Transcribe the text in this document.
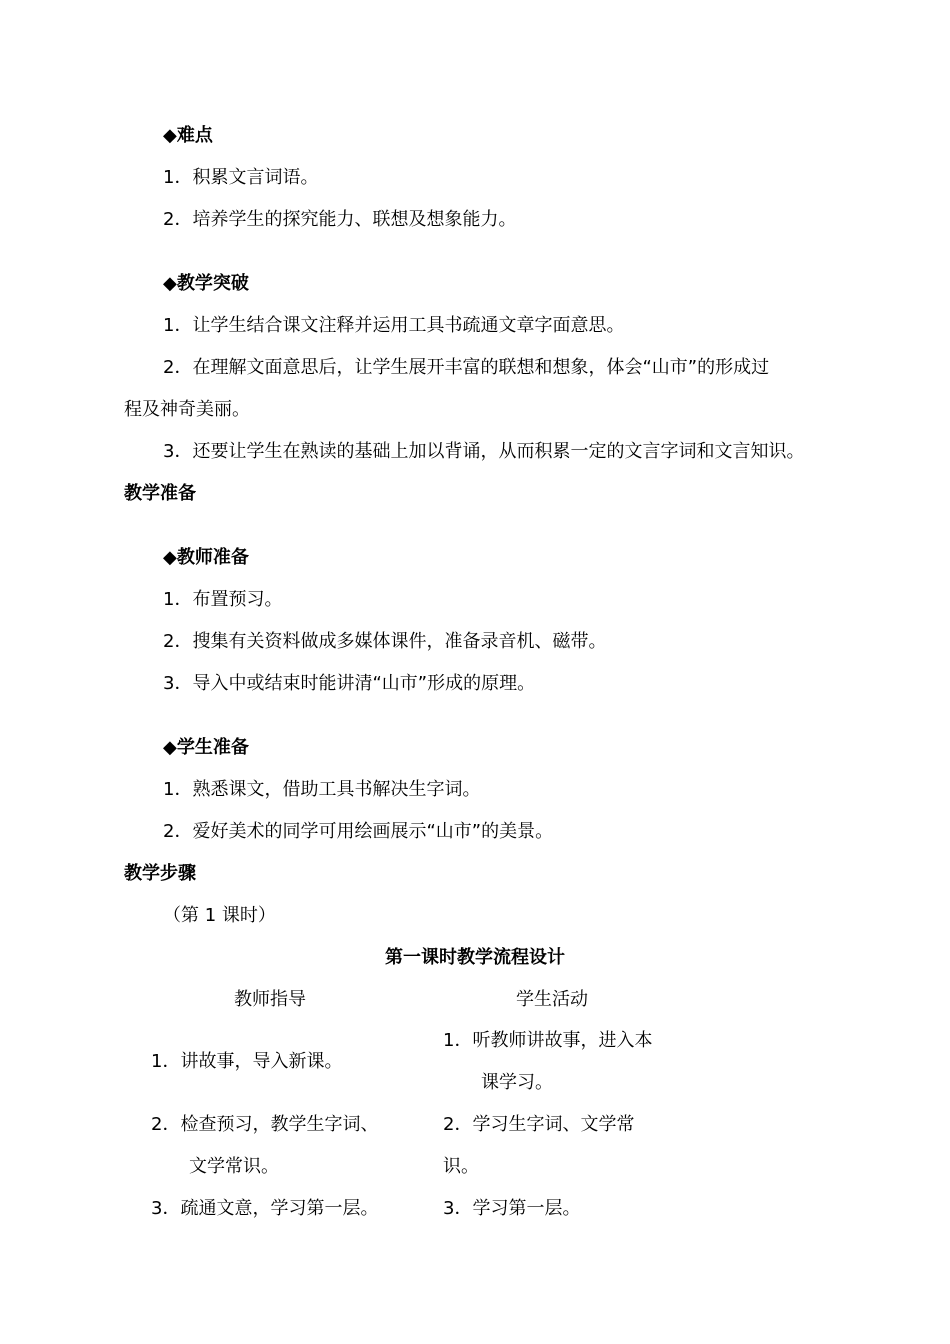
◆难点
1．积累文言词语。
2．培养学生的探究能力、联想及想象能力。
◆教学突破
1．让学生结合课文注释并运用工具书疏通文章字面意思。
2．在理解文面意思后，让学生展开丰富的联想和想象，体会“山市”的形成过
程及神奇美丽。
3．还要让学生在熟读的基础上加以背诵，从而积累一定的文言字词和文言知识。
教学准备
◆教师准备
1．布置预习。
2．搜集有关资料做成多媒体课件，准备录音机、磁带。
3．导入中或结束时能讲清“山市”形成的原理。
◆学生准备
1．熟悉课文，借助工具书解决生字词。
2．爱好美术的同学可用绘画展示“山市”的美景。
教学步骤
（第 1 课时）
第一课时教学流程设计
教师指导	学生活动
1．讲故事，导入新课。
2．检查预习，教学生字词、
文学常识。
3．疏通文意，学习第一层。
1．听教师讲故事，进入本
课学习。
2．学习生字词、文学常
识。
3．学习第一层。
